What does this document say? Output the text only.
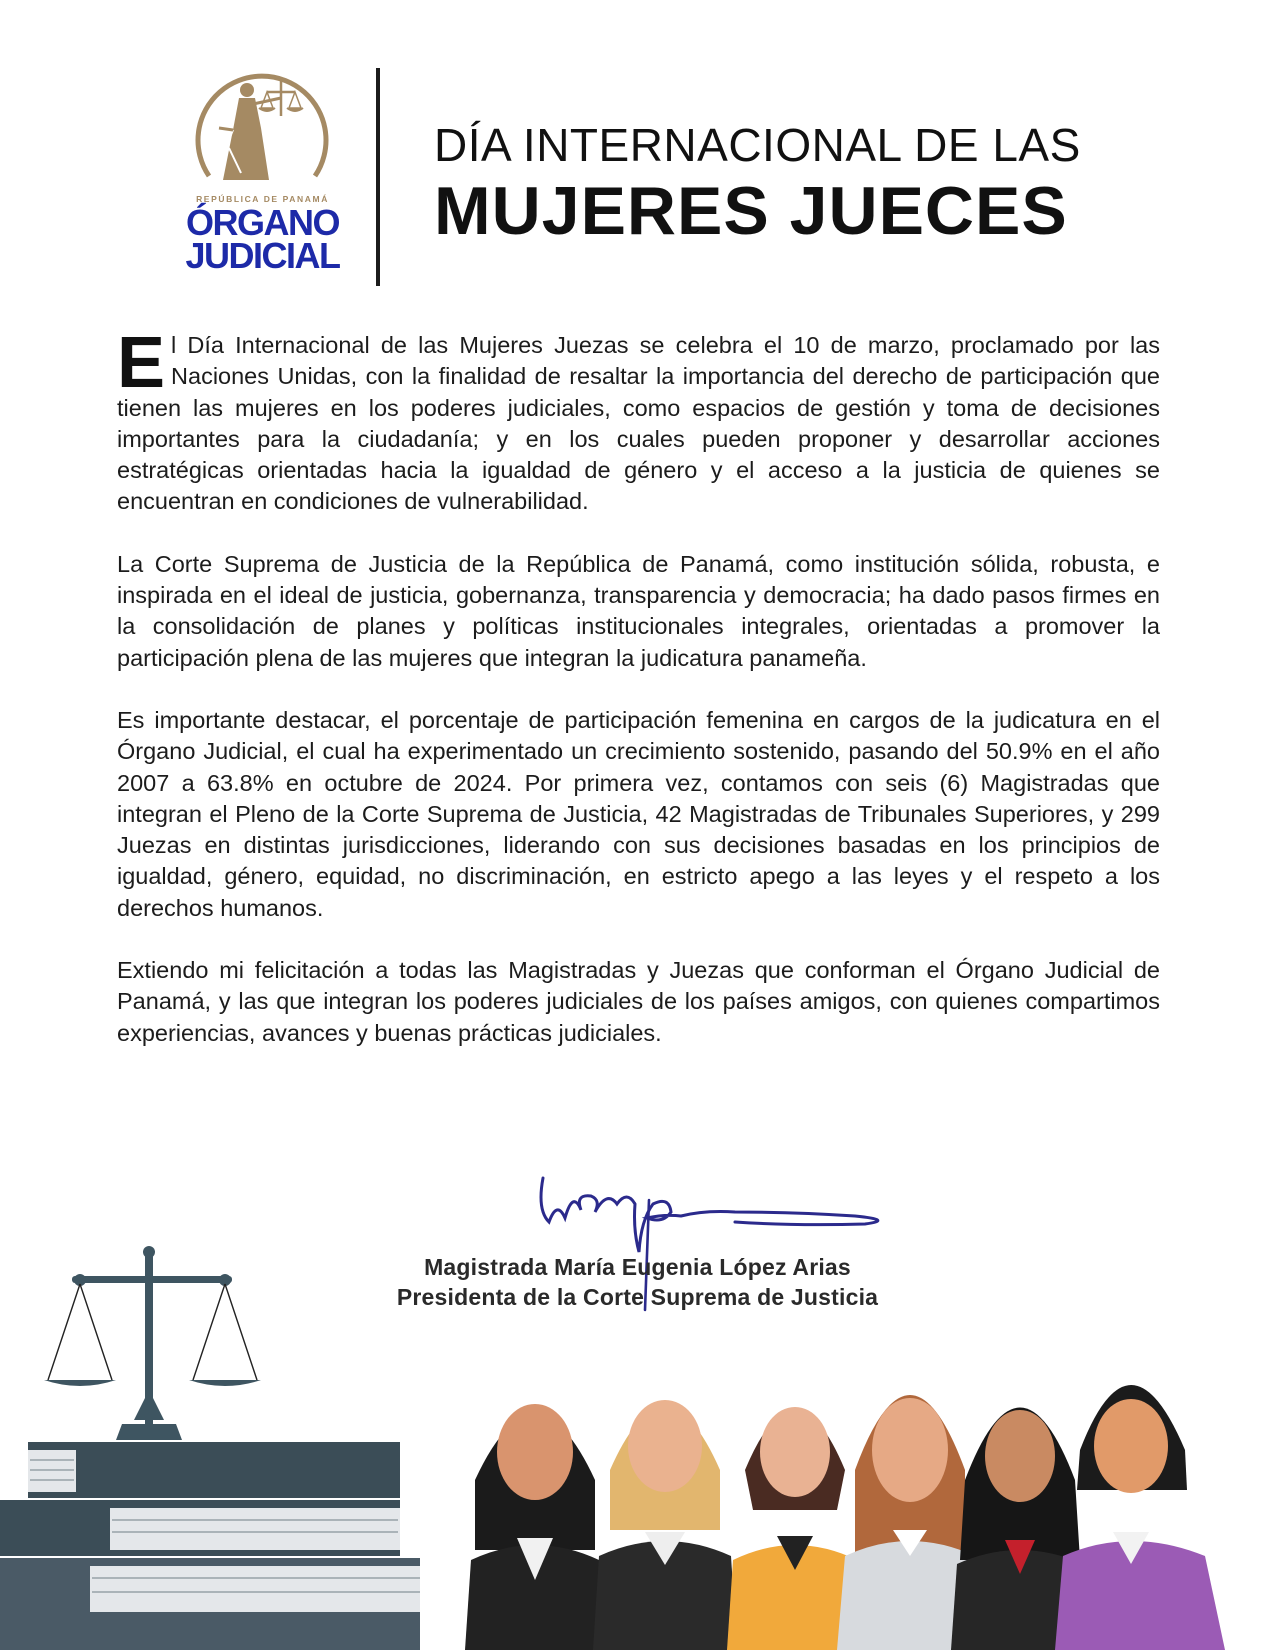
REPÚBLICA DE PANAMÁ
ÓRGANO
JUDICIAL
DÍA INTERNACIONAL DE LAS
MUJERES JUECES

El Día Internacional de las Mujeres Juezas se celebra el 10 de marzo, proclamado por las Naciones Unidas, con la finalidad de resaltar la importancia del derecho de participación que tienen las mujeres en los poderes judiciales, como espacios de gestión y toma de decisiones importantes para la ciudadanía; y en los cuales pueden proponer y desarrollar acciones estratégicas orientadas hacia la igualdad de género y el acceso a la justicia de quienes se encuentran en condiciones de vulnerabilidad.

La Corte Suprema de Justicia de la República de Panamá, como institución sólida, robusta, e inspirada en el ideal de justicia, gobernanza, transparencia y democracia; ha dado pasos firmes en la consolidación de planes y políticas institucionales integrales, orientadas a promover la participación plena de las mujeres que integran la judicatura panameña.

Es importante destacar, el porcentaje de participación femenina en cargos de la judicatura en el Órgano Judicial, el cual ha experimentado un crecimiento sostenido, pasando del 50.9% en el año 2007 a 63.8% en octubre de 2024. Por primera vez, contamos con seis (6) Magistradas que integran el Pleno de la Corte Suprema de Justicia, 42 Magistradas de Tribunales Superiores, y 299 Juezas en distintas jurisdicciones, liderando con sus decisiones basadas en los principios de igualdad, género, equidad, no discriminación, en estricto apego a las leyes y el respeto a los derechos humanos.

Extiendo mi felicitación a todas las Magistradas y Juezas que conforman el Órgano Judicial de Panamá, y las que integran los poderes judiciales de los países amigos, con quienes compartimos experiencias, avances y buenas prácticas judiciales.

Magistrada María Eugenia López Arias
Presidenta de la Corte Suprema de Justicia
